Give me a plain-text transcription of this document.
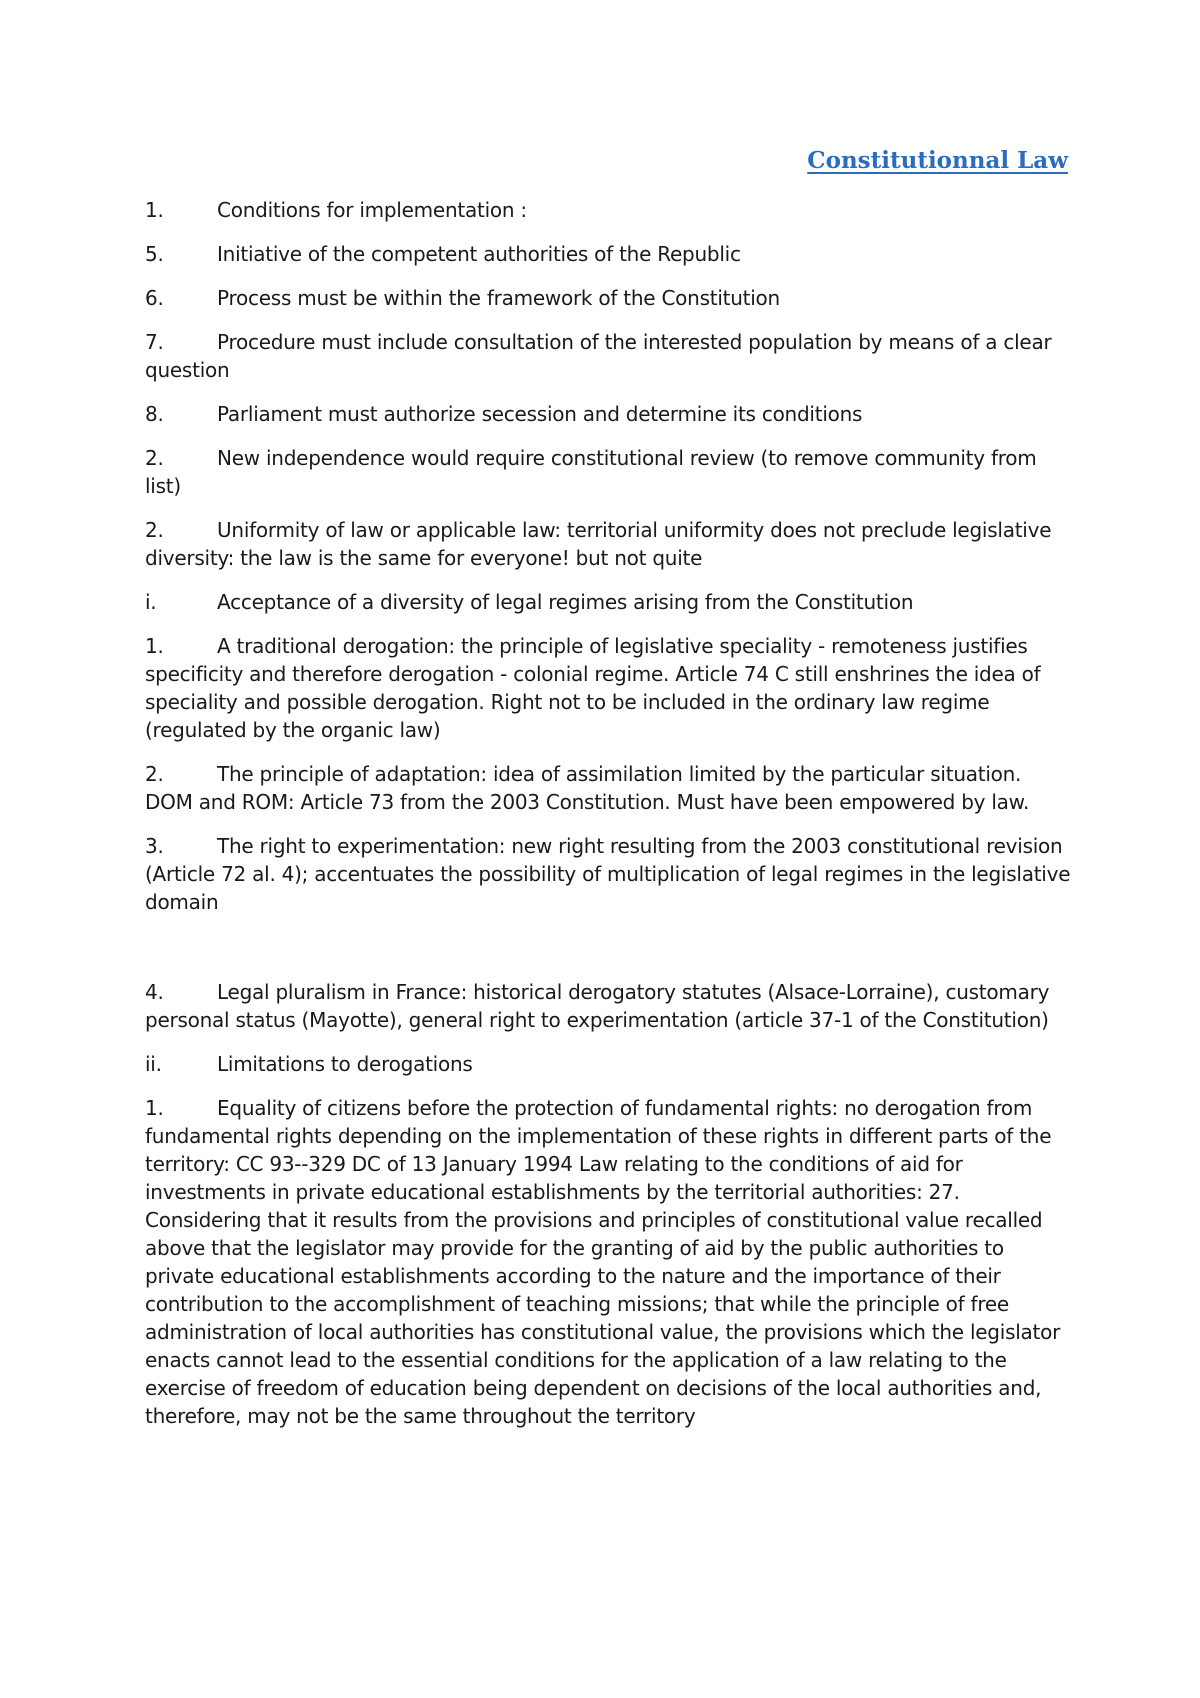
Constitutionnal Law

1.	Conditions for implementation :

5.	Initiative of the competent authorities of the Republic

6.	Process must be within the framework of the Constitution

7.	Procedure must include consultation of the interested population by means of a clear question

8.	Parliament must authorize secession and determine its conditions

2.	New independence would require constitutional review (to remove community from list)

2.	Uniformity of law or applicable law: territorial uniformity does not preclude legislative diversity: the law is the same for everyone! but not quite

i.	Acceptance of a diversity of legal regimes arising from the Constitution

1.	A traditional derogation: the principle of legislative speciality - remoteness justifies specificity and therefore derogation - colonial regime. Article 74 C still enshrines the idea of speciality and possible derogation. Right not to be included in the ordinary law regime (regulated by the organic law)

2.	The principle of adaptation: idea of assimilation limited by the particular situation. DOM and ROM: Article 73 from the 2003 Constitution. Must have been empowered by law.

3.	The right to experimentation: new right resulting from the 2003 constitutional revision (Article 72 al. 4); accentuates the possibility of multiplication of legal regimes in the legislative domain

4.	Legal pluralism in France: historical derogatory statutes (Alsace-Lorraine), customary personal status (Mayotte), general right to experimentation (article 37-1 of the Constitution)

ii.	Limitations to derogations

1.	Equality of citizens before the protection of fundamental rights: no derogation from fundamental rights depending on the implementation of these rights in different parts of the territory: CC 93--329 DC of 13 January 1994 Law relating to the conditions of aid for investments in private educational establishments by the territorial authorities: 27. Considering that it results from the provisions and principles of constitutional value recalled above that the legislator may provide for the granting of aid by the public authorities to private educational establishments according to the nature and the importance of their contribution to the accomplishment of teaching missions; that while the principle of free administration of local authorities has constitutional value, the provisions which the legislator enacts cannot lead to the essential conditions for the application of a law relating to the exercise of freedom of education being dependent on decisions of the local authorities and, therefore, may not be the same throughout the territory
